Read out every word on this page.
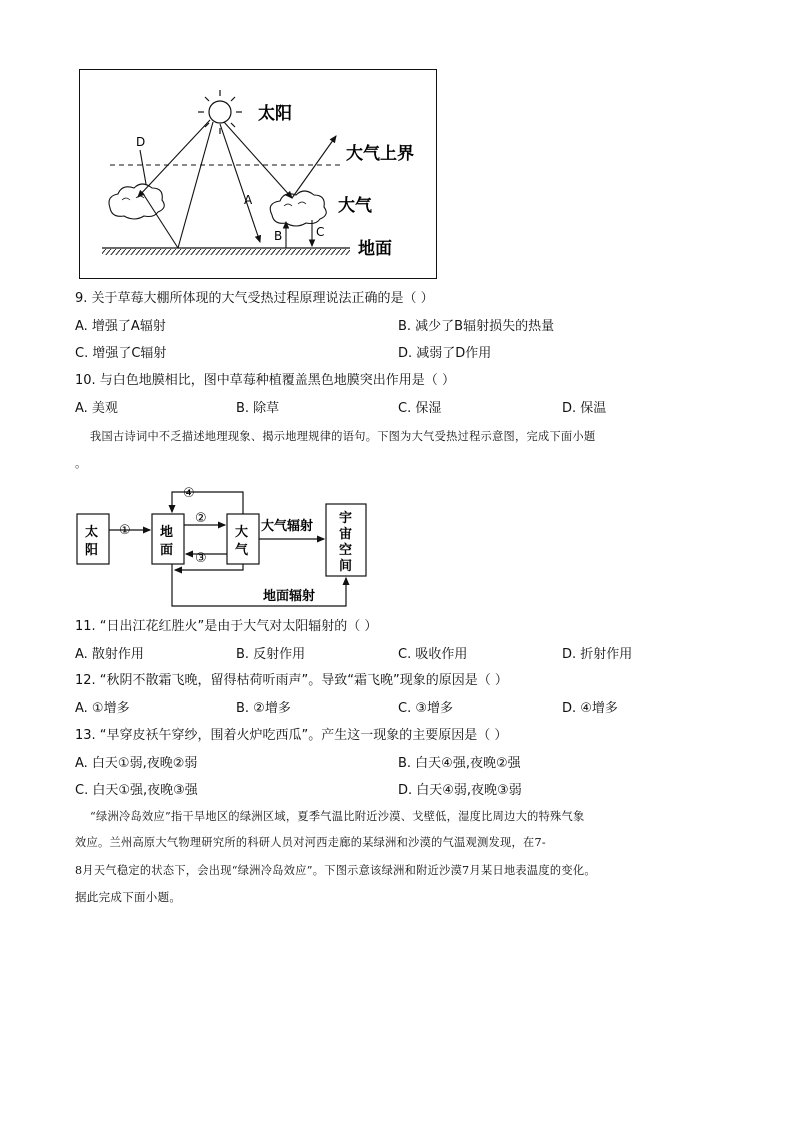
A
B	C
D
太阳
大气上界
大气
地面
9. 关于草莓大棚所体现的大气受热过程原理说法正确的是（ ）
A. 增强了A辐射	B. 减少了B辐射损失的热量
C. 增强了C辐射	D. 减弱了D作用
10. 与白色地膜相比，图中草莓种植覆盖黑色地膜突出作用是（ ）
A. 美观	B. 除草	C. 保湿	D. 保温
我国古诗词中不乏描述地理现象、揭示地理规律的语句。下图为大气受热过程示意图，完成下面小题
。
太
阳
地
面
大
气
宇
宙
空
间
①
②
③
④
大气辐射
地面辐射
11. “日出江花红胜火”是由于大气对太阳辐射的（ ）
A. 散射作用	B. 反射作用	C. 吸收作用	D. 折射作用
12. “秋阴不散霜飞晚，留得枯荷听雨声”。导致“霜飞晚”现象的原因是（ ）
A. ①增多	B. ②增多	C. ③增多	D. ④增多
13. “早穿皮袄午穿纱，围着火炉吃西瓜”。产生这一现象的主要原因是（ ）
A. 白天①弱,夜晚②弱	B. 白天④强,夜晚②强
C. 白天①强,夜晚③强	D. 白天④弱,夜晚③弱
“绿洲冷岛效应”指干旱地区的绿洲区域，夏季气温比附近沙漠、戈壁低，湿度比周边大的特殊气象
效应。兰州高原大气物理研究所的科研人员对河西走廊的某绿洲和沙漠的气温观测发现，在7-
8月天气稳定的状态下，会出现“绿洲冷岛效应”。下图示意该绿洲和附近沙漠7月某日地表温度的变化。
据此完成下面小题。
